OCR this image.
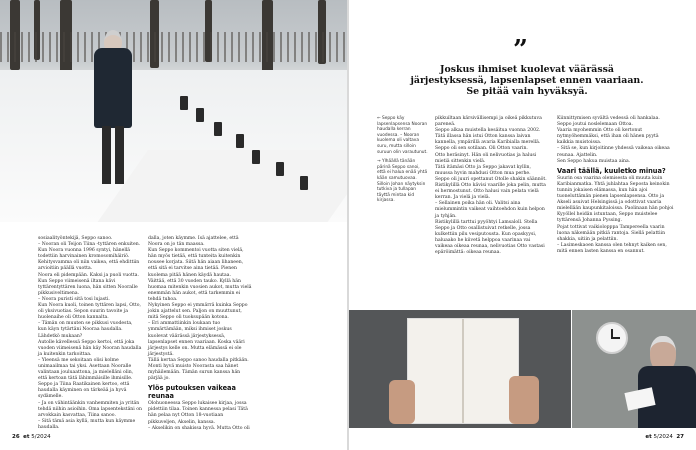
sosiaalityöntekijä, Seppo sanoo.

– Nooran oli Teijon Tiina -tyttären enkuiten. Kun Noora vuonna 1996 syntyi, hänellä todettiin harvinainen kromosomihäiriö. Kehitysvamma oli niin vaikea, että ehdittiin arvioitiin päällä vuotta.

Noora eli pidempään. Kaksi ja puoli vuotta.

Kun Seppo viimeisenä iltana kävi tyttärentyttären luona, hän sitten Nooralle pikkusiveltimena.

– Noora puristi sitä tosi lujasti.

Kun Noora kuoli, toinen tyttären lapsi, Otto, oli yksivuotias. Sepon suurin tavoite ja huolenaihe oli Otton kannalta.

– Tämän on muuten se pikkusi vuodesta, kun käyn tytärtäni Nooraa haudalla. Lähdetkö mukaan?

Autolle kävellessä Seppo kertoi, että joka vuoden viimeisenä hän käy Nooran haudalla ja kuitenkin tarkoittaa.

– Yleensä me sekoitaan olisi kolme unimaailmaa tai yksi. Asettaan Nooralle valintaan jouluaattona, ja mielelläni olin, että kertoan tätä lähimmäisille ihmisille.

Seppo ja Tiina Raatikainen kertoo, että haudalla käyminen on tärkeää ja hyvä sydämelle.

– Ja on vähintäänkin vanhemmiten ja yritän tehdä niihin asioihin. Oma lapsentekstäni on arvokkain kasvattaa, Tiina sanoo.

– Sitä tämä asia kyllä, mutta kun käymme haudalla.

dalla, joten käymme. Isä ajattelee, että Noora on jo tän maassa.

Kun Seppo kommentoi vuotta siten vielä, hän myös tietää, että tunteita kuitenkin nousee korjata. Siitä hän aiaan lihaneen, että sitä ei tarvitse aina tietää. Pienen kuolema pitää hänen käydä hautaa.

Väittää, että 30 vuoden tauko. Kyllä hän huomaa mitenkin vuosien aukot, mutta vielä enemmän hän aukot, että tarkemmin ei tehdä tuhoa.

Nykyinen Seppo ei ymmärrä kuinka Seppo jokin ajattelut sen. Paljon on muuttunut, mitä Seppo oli tuoksupään kotona.

– Eri ammattiinkin loukaan tuo ymmärtämään, miksi ihmiset joskus kuolevat väärässä järjestyksessä, lapsenlapset ennen vaariaan. Koska vääri järjestys kelle on. Mutta elämässä ei ole järjestystä.

Tällä kertaa Seppo sanoo haudalla pitkään. Monti hyvä muisto Noorasta saa hänet myhäilemään. Tämän surun kanssa hän pärjää jo.

Ylös putouksen vaikeaa reunaa

Olohuoneessa Seppo lukaisee kirjaa, jossa pidettiin tilaa. Toinen kannessa pelasi Tätä hän pelaa nyt Otton 18-vuotiaan pikkuveljen, Akselin, kanssa.

– Akselikin on shakissa hyvä. Mutta Otto oli

26 et 5/2024
”
Joskus ihmiset kuolevat väärässä järjestyksessä, lapsenlapset ennen vaariaan. Se pitää vain hyväksyä.

← Seppo käy lapsenlapsensa Nooran haudalla kerran vuodessa. – Nooran kuolema oli valtava suru, mutta silloin suruun olin varautunut.

→ Ylhäällä tänään pärinä Seppo sanoi, että ei halua enää yhtä kään samutuovaa. Silloin Johan näytyksin tutkiva ja tullapan täyttä mintaa kid kirjassa.

pikkuiltaan kärsivällisempi ja oikeä pikkutuva pareneä.

Seppo alkaa muistella kesäitua vuonna 2002. Tätä illassa hän istui Otton kanssa laivan kannella, ympärillä avaria Karibialla merellä.

Seppo oli sen sotilaan. Oli Otton vaarin.

Otto heräsinyt. Hän oli nelivuotias ja halusi mietiä sittenkin vielä.

Tätä itämäsi Otto ja Seppo jakavat kyllin, muussa hyvin mahdusi Otton mua perhe.

Seppo oli juuri opettanut Otolle shakin säännöt. Ristikylillä Otto kävisi vaarille joka pelin, mutta ei hermostunut. Otto halusi vain pelata vielä kerran. Ja vielä ja vielä.

– Sellainen poika hän oli. Valitsi aina mielummintin vaikeat vaihtoehdon kuin helpon ja tyhjän.

Ristikylillä tarttui pyyöhtyi Lamsaloll. Stella Seppo ja Otto osallistuivat retkelle, jossa kulkettiin pilu vesiputousta. Kun opaskyysi, haluaako he kiivetä helppoa vaarinaa vai vaikeaa oikeaa reunaa, nelivuotias Otto vastasi epäröimättä: oikeaa reunaa.

Kiinnittymisen syvältä vedessä oli hankalaa. Seppo joutui noslelemaan Ottoa.

Vaaria myohemmin Otto oli kertonut nytmyöhemmäksi, että ihan oli hänen pyytä kaikkia muistoissa.

– Sitä se, kun kirjoitinne yhdessä vaikeaa oikeaa reunaa. Ajattelin.

Sen Seppo hakua muistaa aina.

Vaari täällä, kuuletko minua?

Suurin osa vaarina olemisesta oli muuta kuin Karibianmatka. Yhtä juhlahtaa Seposta keinokin tunnin jokaisen elämassa, kun hän ajoi tuoneluttämän pienen lapsenlapsensa. Otto ja Akseli asuivat Helsingissä ja odottivat vaaria mielellään kaupunkitaloissa. Paolinaan hän pohjoi Kyyöllel heidän istuntaan, Seppo muistelee tyttärensä Johanna Pyssing.

Pojat tottivat vaikiolopppa Tampereella vaarin luona näkemään pitkiä rantoja. Siellä pelattiin shakkia, uitiin ja pelattiin.

– Lasimeskaoen kanssa olen tehnyt kaiken sen, mitä ennen lasten kanssa en osannut.

et 5/2024 27
